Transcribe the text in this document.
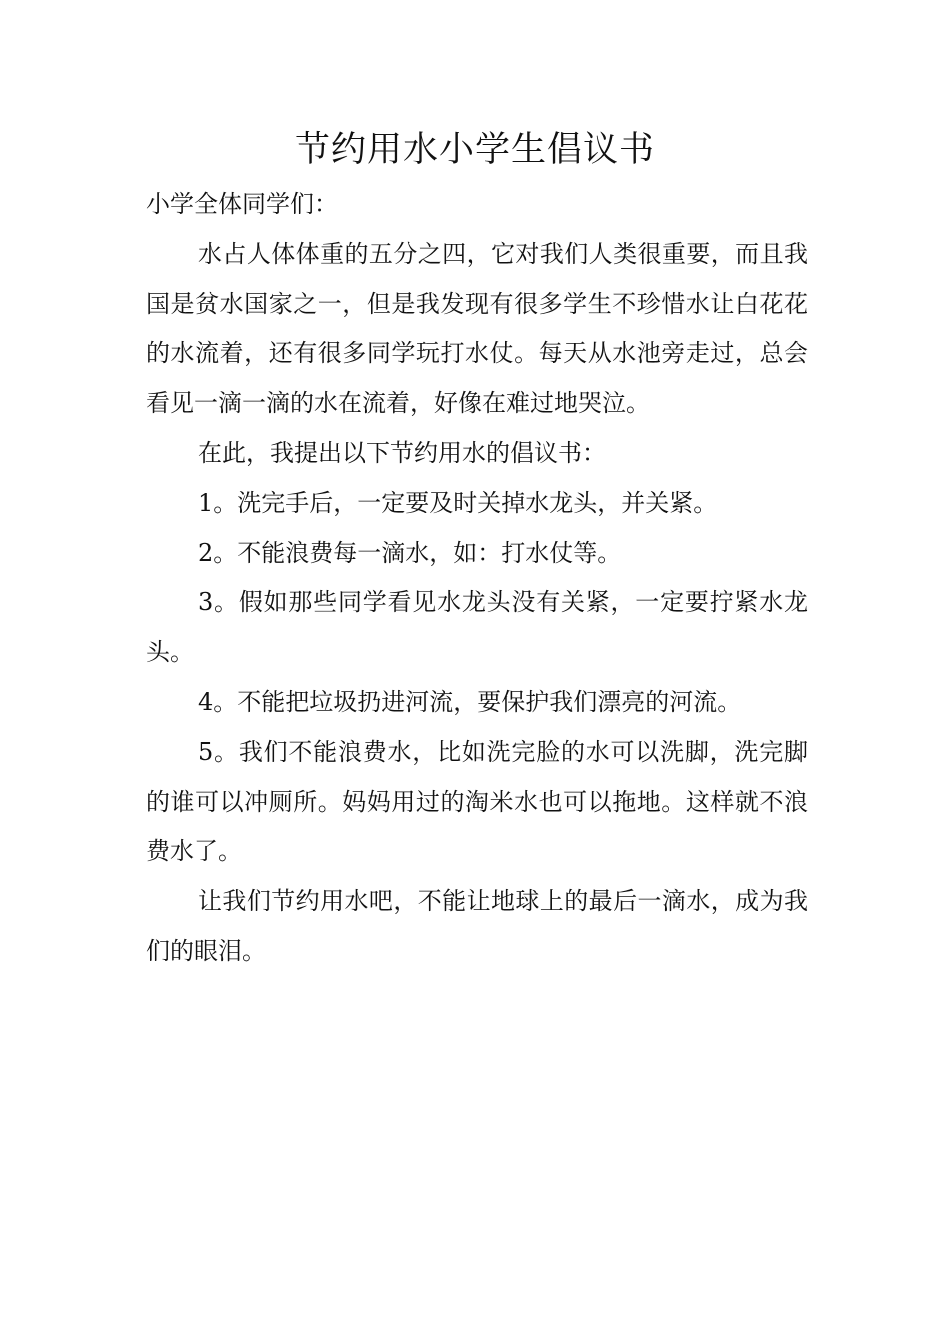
节约用水小学生倡议书

小学全体同学们：

水占人体体重的五分之四，它对我们人类很重要，而且我国是贫水国家之一，但是我发现有很多学生不珍惜水让白花花的水流着，还有很多同学玩打水仗。每天从水池旁走过，总会看见一滴一滴的水在流着，好像在难过地哭泣。

在此，我提出以下节约用水的倡议书：

1。洗完手后，一定要及时关掉水龙头，并关紧。

2。不能浪费每一滴水，如：打水仗等。

3。假如那些同学看见水龙头没有关紧，一定要拧紧水龙头。

4。不能把垃圾扔进河流，要保护我们漂亮的河流。

5。我们不能浪费水，比如洗完脸的水可以洗脚，洗完脚的谁可以冲厕所。妈妈用过的淘米水也可以拖地。这样就不浪费水了。

让我们节约用水吧，不能让地球上的最后一滴水，成为我们的眼泪。
